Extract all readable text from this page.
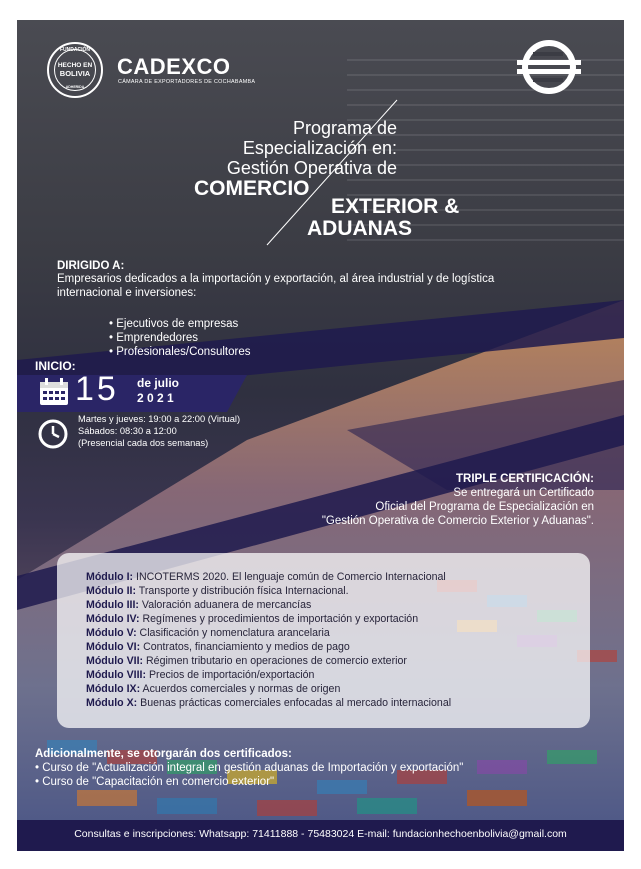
FUNDACIÓN
HECHO EN
BOLIVIA
ADHERIDA
CADEXCO
CÁMARA DE EXPORTADORES DE COCHABAMBA
Programa de
Especialización en:
Gestión Operativa de
COMERCIO
EXTERIOR &
ADUANAS
DIRIGIDO A:
Empresarios dedicados a la importación y exportación, al área industrial y de logística
internacional e inversiones:
• Ejecutivos de empresas
• Emprendedores
• Profesionales/Consultores
INICIO:
15 de julio
2 0 2 1
Martes y jueves: 19:00 a 22:00 (Virtual)
Sábados: 08:30 a 12:00
(Presencial cada dos semanas)
TRIPLE CERTIFICACIÓN:
Se entregará un Certificado
Oficial del Programa de Especialización en
"Gestión Operativa de Comercio Exterior y Aduanas".
Módulo I: INCOTERMS 2020. El lenguaje común de Comercio Internacional
Módulo II: Transporte y distribución física Internacional.
Módulo III: Valoración aduanera de mercancías
Módulo IV: Regímenes y procedimientos de importación y exportación
Módulo V: Clasificación y nomenclatura arancelaria
Módulo VI: Contratos, financiamiento y medios de pago
Módulo VII: Régimen tributario en operaciones de comercio exterior
Módulo VIII: Precios de importación/exportación
Módulo IX: Acuerdos comerciales y normas de origen
Módulo X: Buenas prácticas comerciales enfocadas al mercado internacional
Adicionalmente, se otorgarán dos certificados:
• Curso de "Actualización integral en gestión aduanas de Importación y exportación"
• Curso de "Capacitación en comercio exterior"
Consultas e inscripciones: Whatsapp: 71411888 - 75483024 E-mail: fundacionhechoenbolivia@gmail.com
